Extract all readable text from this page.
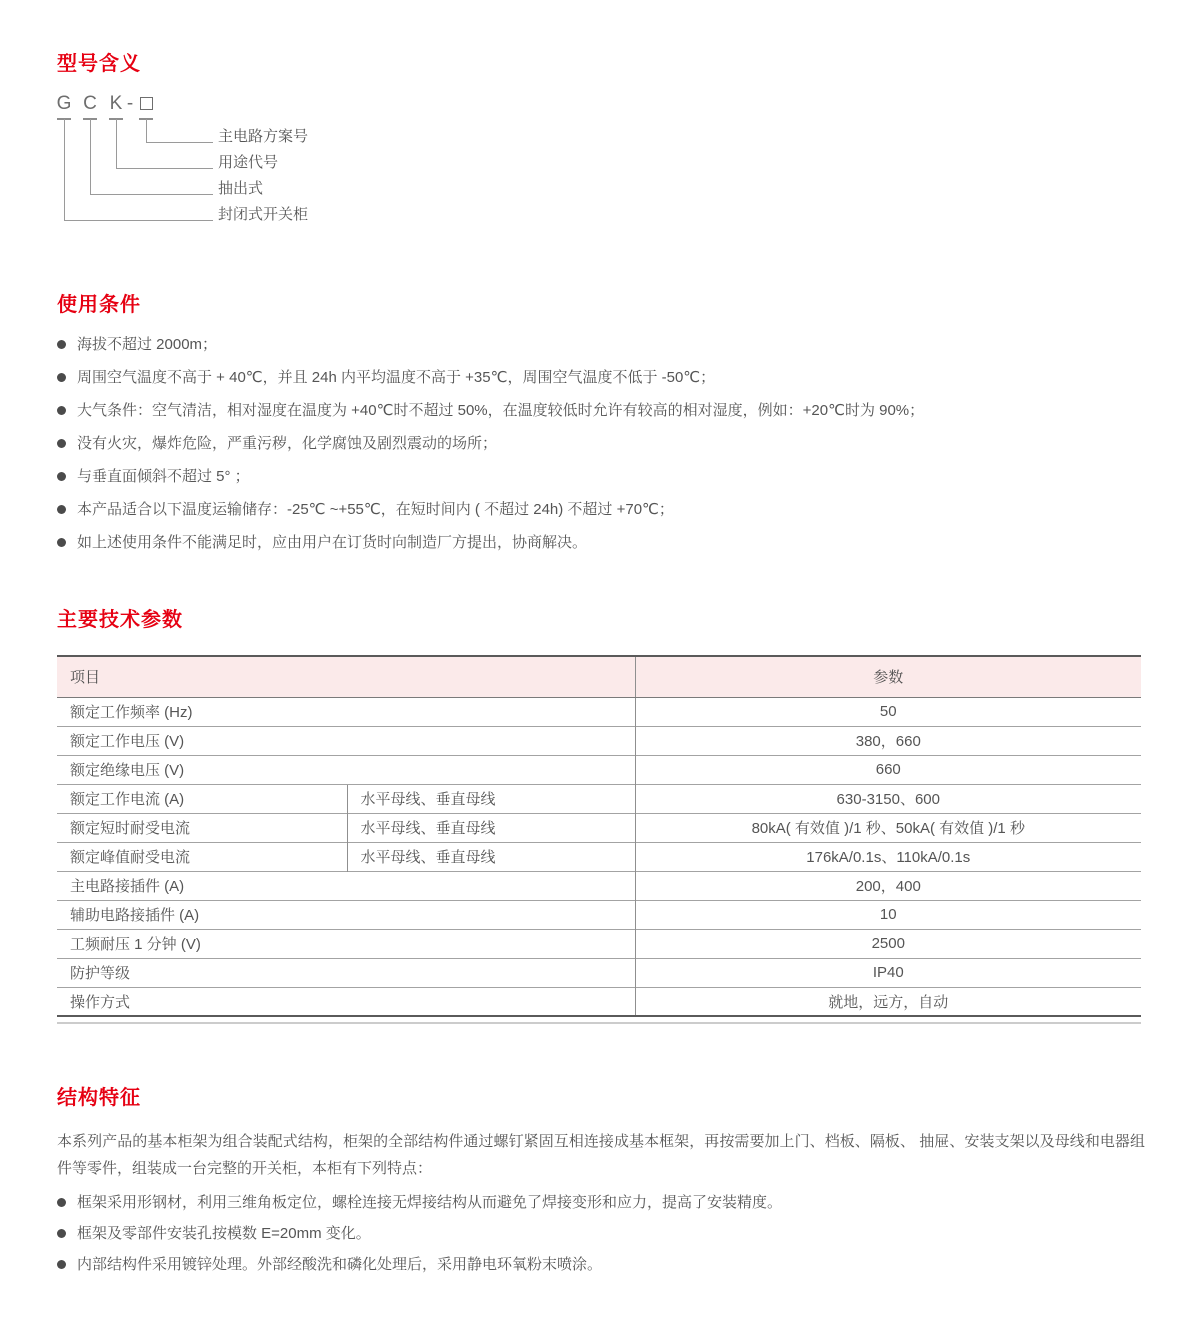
型号含义
G C K -
主电路方案号
用途代号
抽出式
封闭式开关柜
使用条件
海拔不超过 2000m；
周围空气温度不高于 + 40℃，并且 24h 内平均温度不高于 +35℃，周围空气温度不低于 -50℃；
大气条件：空气清洁，相对湿度在温度为 +40℃时不超过 50%，在温度较低时允许有较高的相对湿度，例如：+20℃时为 90%；
没有火灾，爆炸危险，严重污秽，化学腐蚀及剧烈震动的场所；
与垂直面倾斜不超过 5° ；
本产品适合以下温度运输储存：-25℃ ~+55℃，在短时间内 ( 不超过 24h) 不超过 +70℃；
如上述使用条件不能满足时，应由用户在订货时向制造厂方提出，协商解决。
主要技术参数
项目		参数
额定工作频率 (Hz)		50
额定工作电压 (V)		380，660
额定绝缘电压 (V)		660
额定工作电流 (A)	水平母线、垂直母线	630-3150、600
额定短时耐受电流	水平母线、垂直母线	80kA( 有效值 )/1 秒、50kA( 有效值 )/1 秒
额定峰值耐受电流	水平母线、垂直母线	176kA/0.1s、110kA/0.1s
主电路接插件 (A)		200，400
辅助电路接插件 (A)		10
工频耐压 1 分钟 (V)		2500
防护等级		IP40
操作方式		就地，远方，自动
结构特征

本系列产品的基本柜架为组合装配式结构，柜架的全部结构件通过螺钉紧固互相连接成基本框架，再按需要加上门、档板、隔板、 抽屉、安装支架以及母线和电器组件等零件，组装成一台完整的开关柜，本柜有下列特点：

框架采用形钢材，利用三维角板定位，螺栓连接无焊接结构从而避免了焊接变形和应力，提高了安装精度。
框架及零部件安装孔按模数 E=20mm 变化。
内部结构件采用镀锌处理。外部经酸洗和磷化处理后，采用静电环氧粉末喷涂。
